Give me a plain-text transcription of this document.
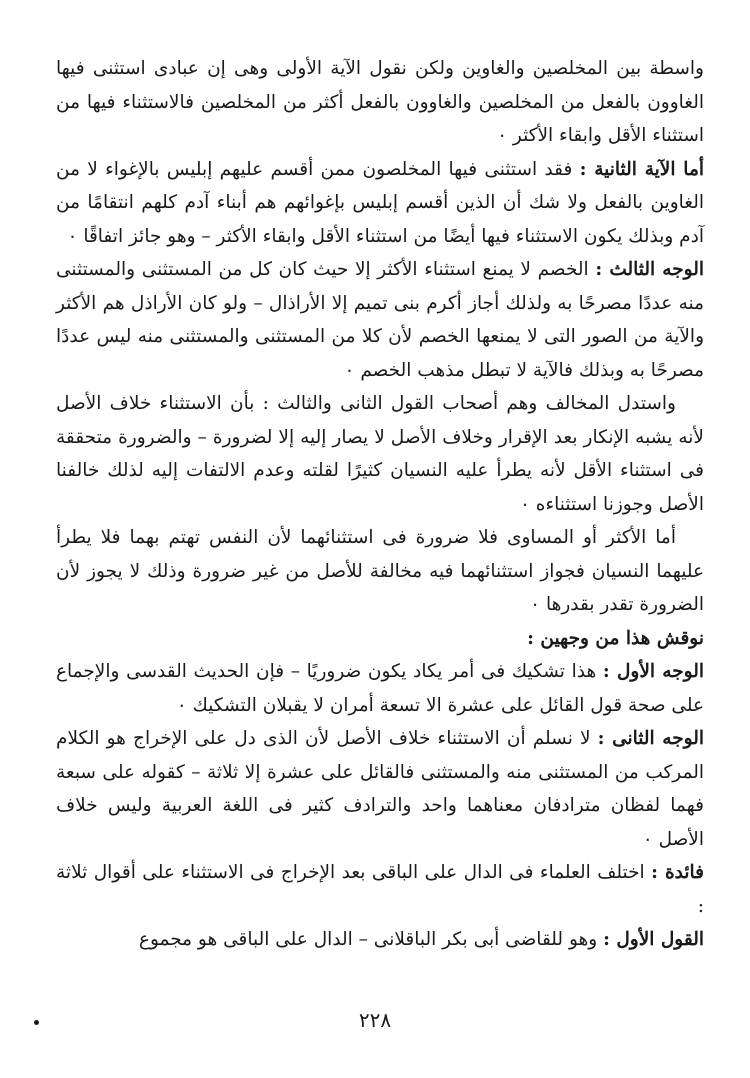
واسطة بين المخلصين والغاوين ولكن نقول الآية الأولى وهى إن عبادى استثنى فيها الغاوون بالفعل من المخلصين والغاوون بالفعل أكثر من المخلصين فالاستثناء فيها من استثناء الأقل وابقاء الأكثر ٠

أما الآية الثانية : فقد استثنى فيها المخلصون ممن أقسم عليهم إبليس بالإغواء لا من الغاوين بالفعل ولا شك أن الذين أقسم إبليس بإغوائهم هم أبناء آدم كلهم انتقامًا من آدم وبذلك يكون الاستثناء فيها أيضًا من استثناء الأقل وابقاء الأكثر – وهو جائز اتفاقًا ٠

الوجه الثالث : الخصم لا يمنع استثناء الأكثر إلا حيث كان كل من المستثنى والمستثنى منه عددًا مصرحًا به ولذلك أجاز أكرم بنى تميم إلا الأراذال – ولو كان الأراذل هم الأكثر والآية من الصور التى لا يمنعها الخصم لأن كلا من المستثنى والمستثنى منه ليس عددًا مصرحًا به وبذلك فالآية لا تبطل مذهب الخصم ٠

واستدل المخالف وهم أصحاب القول الثانى والثالث : بأن الاستثناء خلاف الأصل لأنه يشبه الإنكار بعد الإقرار وخلاف الأصل لا يصار إليه إلا لضرورة – والضرورة متحققة فى استثناء الأقل لأنه يطرأ عليه النسيان كثيرًا لقلته وعدم الالتفات إليه لذلك خالفنا الأصل وجوزنا استثناءه ٠

أما الأكثر أو المساوى فلا ضرورة فى استثنائهما لأن النفس تهتم بهما فلا يطرأ عليهما النسيان فجواز استثنائهما فيه مخالفة للأصل من غير ضرورة وذلك لا يجوز لأن الضرورة تقدر بقدرها ٠

نوقش هذا من وجهين :

الوجه الأول : هذا تشكيك فى أمر يكاد يكون ضروريًا – فإن الحديث القدسى والإجماع على صحة قول القائل على عشرة الا تسعة أمران لا يقبلان التشكيك ٠

الوجه الثانى : لا نسلم أن الاستثناء خلاف الأصل لأن الذى دل على الإخراج هو الكلام المركب من المستثنى منه والمستثنى فالقائل على عشرة إلا ثلاثة – كقوله على سبعة فهما لفظان مترادفان معناهما واحد والترادف كثير فى اللغة العربية وليس خلاف الأصل ٠

فائدة : اختلف العلماء فى الدال على الباقى بعد الإخراج فى الاستثناء على أقوال ثلاثة :

القول الأول : وهو للقاضى أبى بكر الباقلانى – الدال على الباقى هو مجموع

٢٢٨
